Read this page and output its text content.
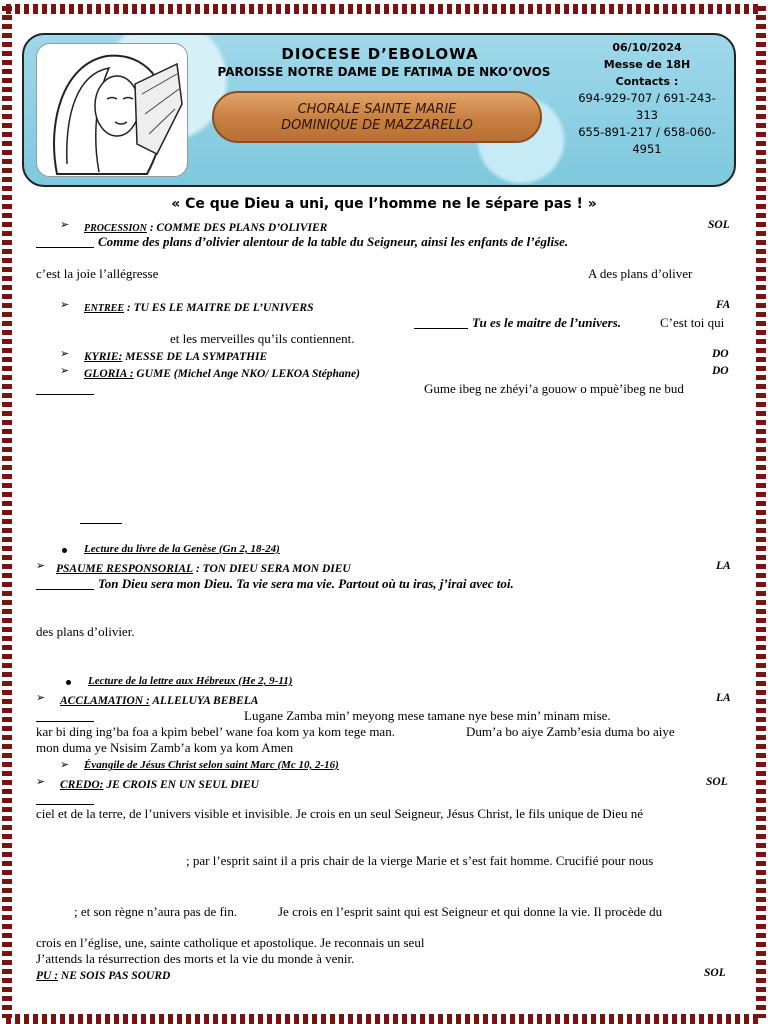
DIOCESE D’EBOLOWA
PAROISSE NOTRE DAME DE FATIMA DE NKO’OVOS
CHORALE SAINTE MARIE
DOMINIQUE DE MAZZARELLO
06/10/2024
Messe de 18H
Contacts :
694-929-707 / 691-243-313
655-891-217 / 658-060-4951
« Ce que Dieu a uni, que l’homme ne le sépare pas ! »
➢ PROCESSION : COMME DES PLANS D’OLIVIER	SOL
Comme des plans d’olivier alentour de la table du Seigneur, ainsi les enfants de l’église.
c’est la joie l’allégresse	A des plans d’oliver
➢ ENTREE : TU ES LE MAITRE DE L’UNIVERS	FA
Tu es le maitre de l’univers.	C’est toi qui
et les merveilles qu’ils contiennent.
➢ KYRIE: MESSE DE LA SYMPATHIE	DO
➢ GLORIA : GUME (Michel Ange NKO/ LEKOA Stéphane)	DO
Gume ibeg ne zhéyi’a gouow o mpuè’ibeg ne bud
Lecture du livre de la Genèse (Gn 2, 18-24)
➢ PSAUME RESPONSORIAL : TON DIEU SERA MON DIEU	LA
Ton Dieu sera mon Dieu. Ta vie sera ma vie. Partout où tu iras, j’irai avec toi.
des plans d’olivier.
Lecture de la lettre aux Hébreux (He 2, 9-11)
➢ ACCLAMATION : ALLELUYA BEBELA	LA
Lugane Zamba min’ meyong mese tamane nye bese min’ minam mise.
kar bi ding ing’ba foa a kpim bebel’ wane foa kom ya kom tege man.	Dum’a bo aiye Zamb’esia duma bo aiye
mon duma ye Nsisim Zamb’a kom ya kom Amen
➢ Évangile de Jésus Christ selon saint Marc (Mc 10, 2-16)
➢ CREDO: JE CROIS EN UN SEUL DIEU	SOL
ciel et de la terre, de l’univers visible et invisible. Je crois en un seul Seigneur, Jésus Christ, le fils unique de Dieu né
; par l’esprit saint il a pris chair de la vierge Marie et s’est fait homme. Crucifié pour nous
; et son règne n’aura pas de fin.	Je crois en l’esprit saint qui est Seigneur et qui donne la vie. Il procède du
crois en l’église, une, sainte catholique et apostolique. Je reconnais un seul
J’attends la résurrection des morts et la vie du monde à venir.
PU : NE SOIS PAS SOURD	SOL
